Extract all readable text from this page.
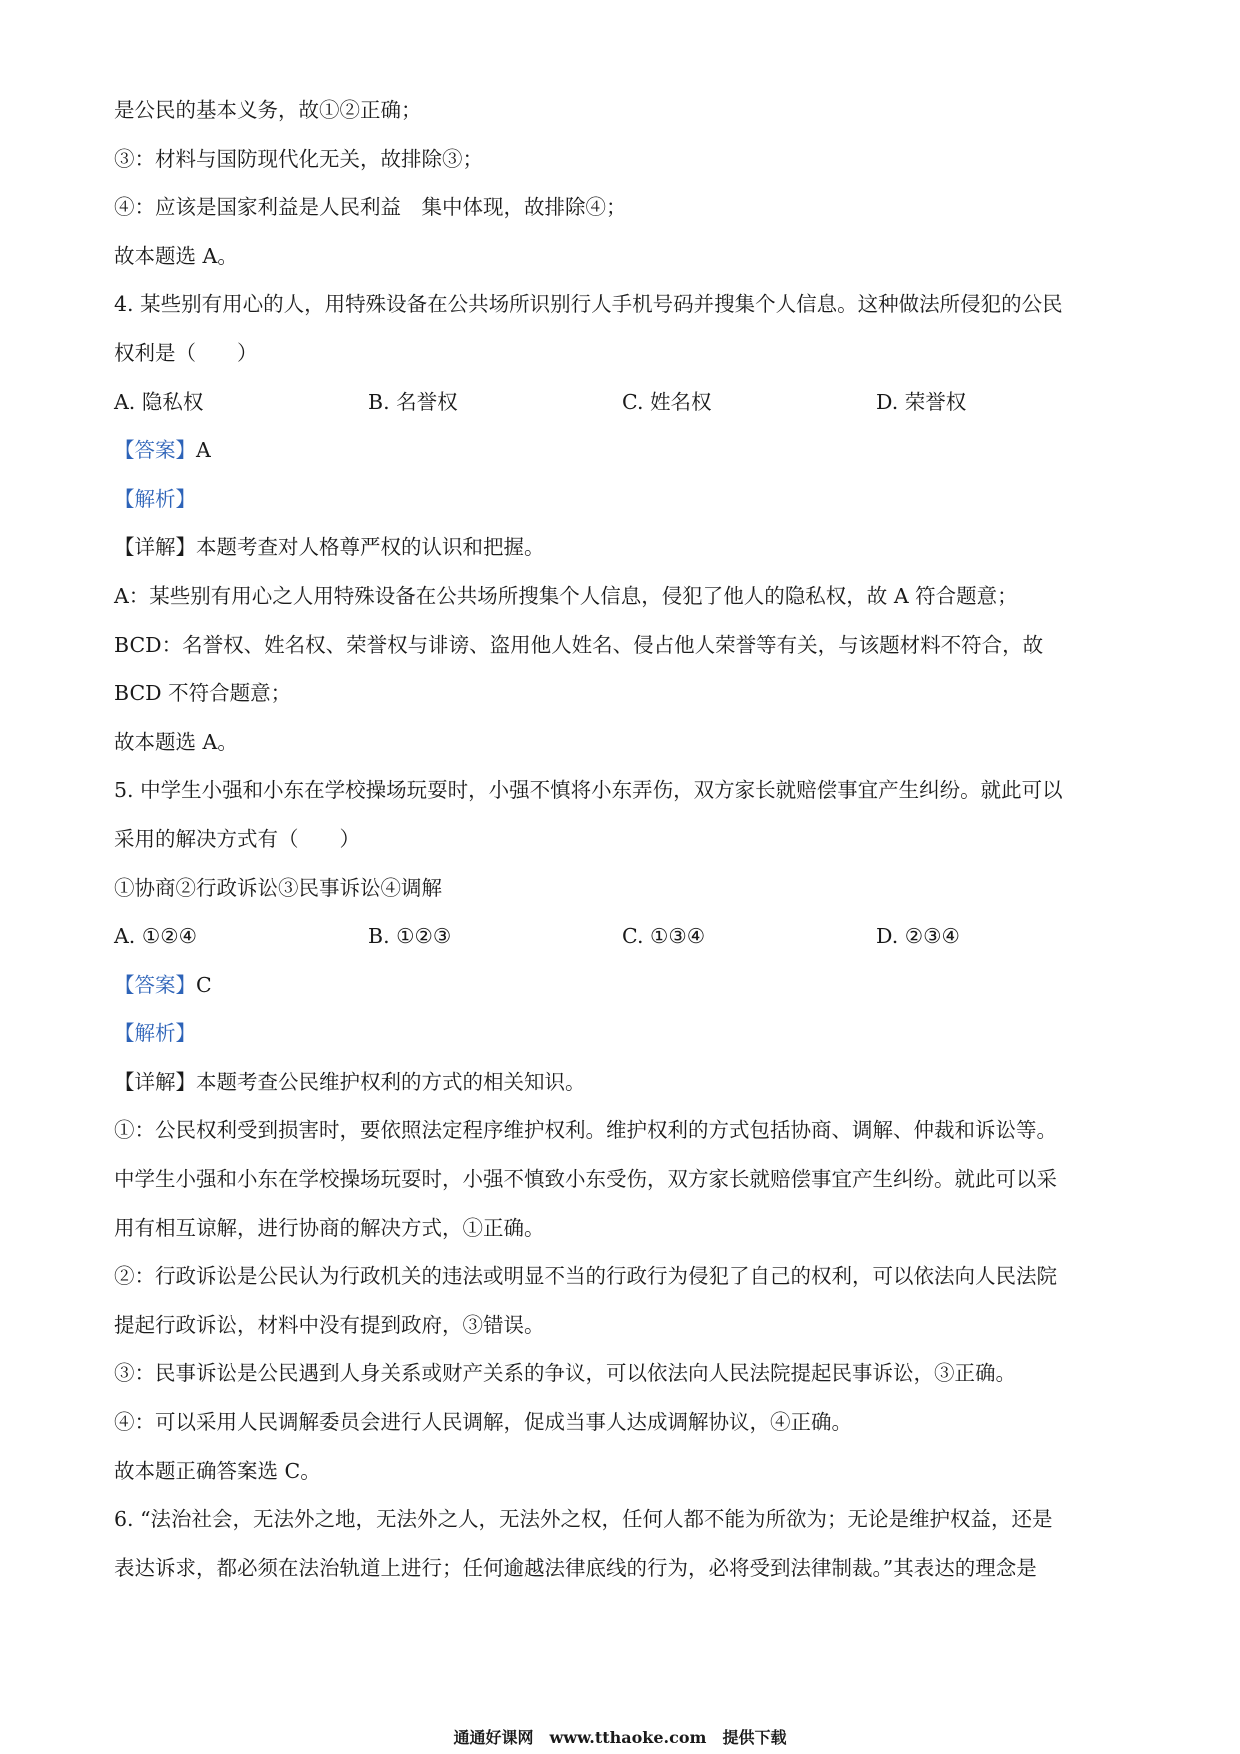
是公民的基本义务，故①②正确；
③：材料与国防现代化无关，故排除③；
④：应该是国家利益是人民利益　集中体现，故排除④；
故本题选 A。
4. 某些别有用心的人，用特殊设备在公共场所识别行人手机号码并搜集个人信息。这种做法所侵犯的公民
权利是（　　）
A. 隐私权	B. 名誉权	C. 姓名权	D. 荣誉权
【答案】A
【解析】
【详解】本题考查对人格尊严权的认识和把握。
A：某些别有用心之人用特殊设备在公共场所搜集个人信息，侵犯了他人的隐私权，故 A 符合题意；
BCD：名誉权、姓名权、荣誉权与诽谤、盗用他人姓名、侵占他人荣誉等有关，与该题材料不符合，故
BCD 不符合题意；
故本题选 A。
5. 中学生小强和小东在学校操场玩耍时，小强不慎将小东弄伤，双方家长就赔偿事宜产生纠纷。就此可以
采用的解决方式有（　　）
①协商②行政诉讼③民事诉讼④调解
A. ①②④	B. ①②③	C. ①③④	D. ②③④
【答案】C
【解析】
【详解】本题考查公民维护权利的方式的相关知识。
①：公民权利受到损害时，要依照法定程序维护权利。维护权利的方式包括协商、调解、仲裁和诉讼等。
中学生小强和小东在学校操场玩耍时，小强不慎致小东受伤，双方家长就赔偿事宜产生纠纷。就此可以采
用有相互谅解，进行协商的解决方式，①正确。
②：行政诉讼是公民认为行政机关的违法或明显不当的行政行为侵犯了自己的权利，可以依法向人民法院
提起行政诉讼，材料中没有提到政府，③错误。
③：民事诉讼是公民遇到人身关系或财产关系的争议，可以依法向人民法院提起民事诉讼，③正确。
④：可以采用人民调解委员会进行人民调解，促成当事人达成调解协议，④正确。
故本题正确答案选 C。
6. “法治社会，无法外之地，无法外之人，无法外之权，任何人都不能为所欲为；无论是维护权益，还是
表达诉求，都必须在法治轨道上进行；任何逾越法律底线的行为，必将受到法律制裁。”其表达的理念是
通通好课网　www.tthaoke.com　提供下载
